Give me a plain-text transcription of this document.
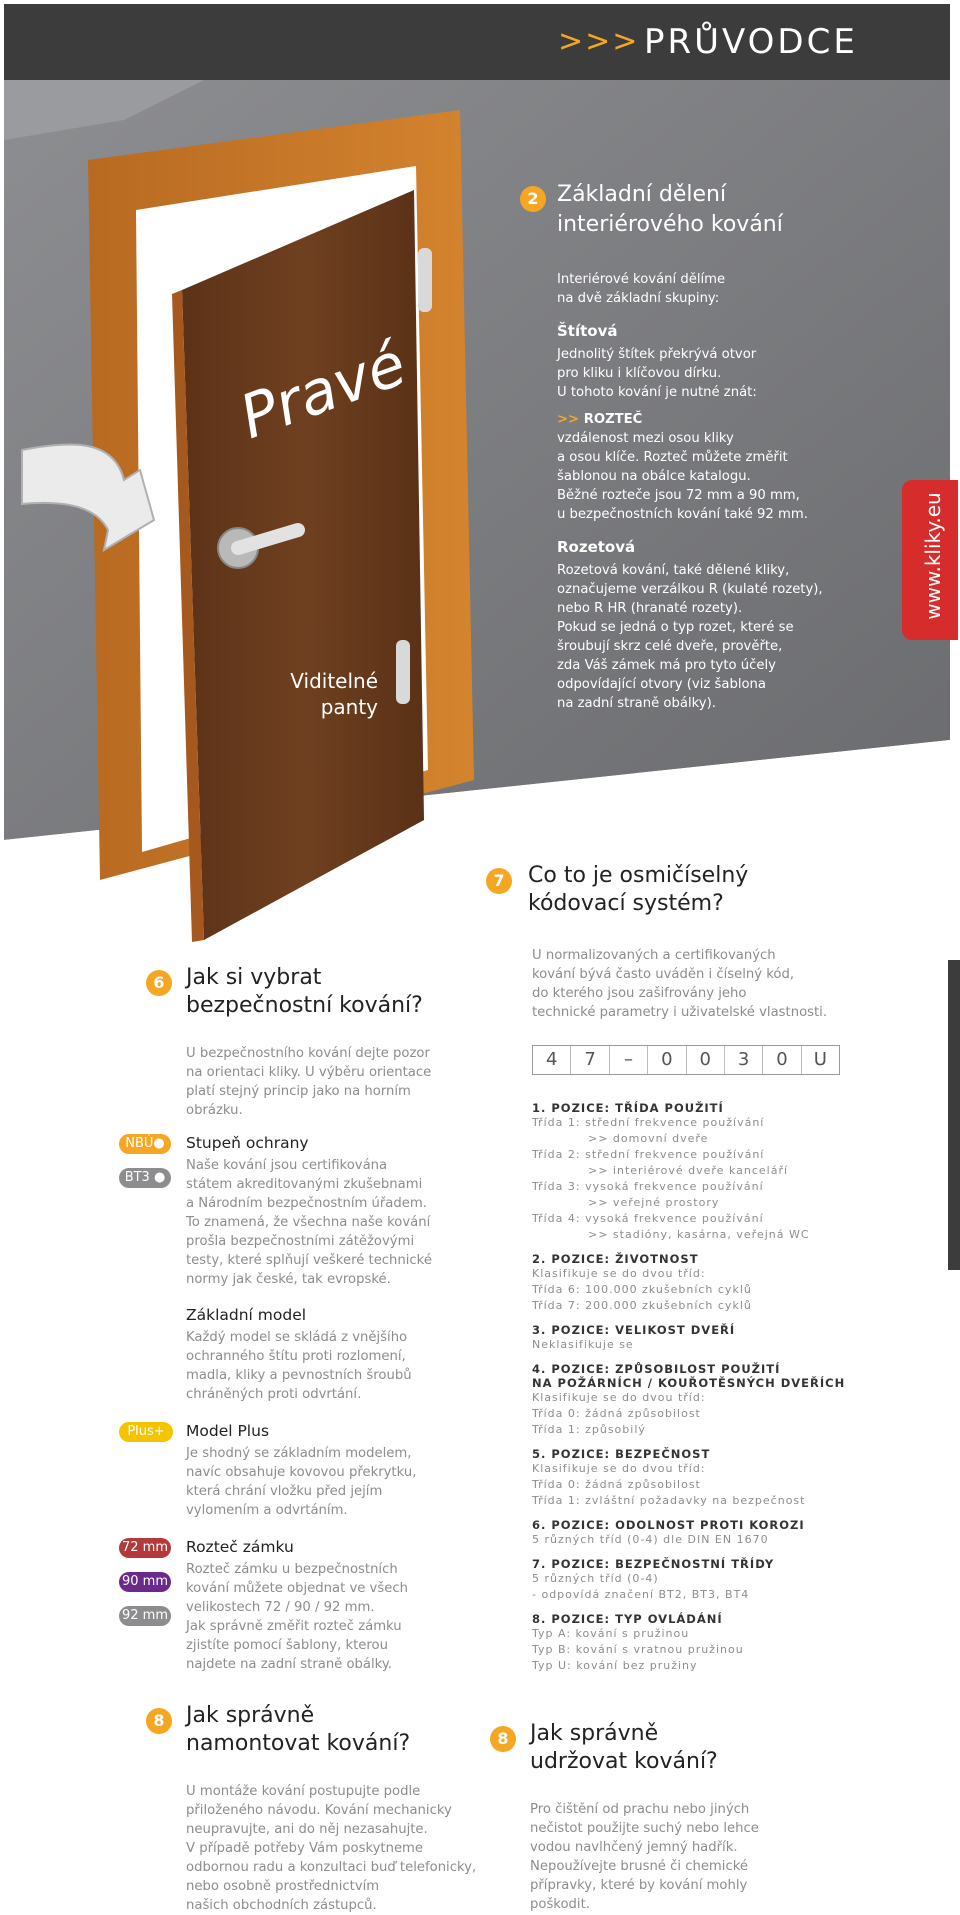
>>> PRŮVODCE
Pravé
Viditelné
panty
www.kliky.eu
2 Základní dělení
interiérového kování

Interiérové kování dělíme

na dvě základní skupiny:

Štítová

Jednolitý štítek překrývá otvor

pro kliku i klíčovou dírku.

U tohoto kování je nutné znát:

>> ROZTEČ

vzdálenost mezi osou kliky

a osou klíče. Rozteč můžete změřit

šablonou na obálce katalogu.

Běžné rozteče jsou 72 mm a 90 mm,

u bezpečnostních kování také 92 mm.

Rozetová

Rozetová kování, také dělené kliky,

označujeme verzálkou R (kulaté rozety),

nebo R HR (hranaté rozety).

Pokud se jedná o typ rozet, které se

šroubují skrz celé dveře, prověřte,

zda Váš zámek má pro tyto účely

odpovídající otvory (viz šablona

na zadní straně obálky).

7	Co to je osmičíselný
kódovací systém?
U normalizovaných a certifikovaných
kování bývá často uváděn i číselný kód,
do kterého jsou zašifrovány jeho
technické parametry i uživatelské vlastnosti.
4	7	–	0	0	3	0	U
1. POZICE: TŘÍDA POUŽITÍ
Třída 1: střední frekvence používání
>> domovní dveře
Třída 2: střední frekvence používání
>> interiérové dveře kanceláří
Třída 3: vysoká frekvence používání
>> veřejné prostory
Třída 4: vysoká frekvence používání
>> stadióny, kasárna, veřejná WC
2. POZICE: ŽIVOTNOST
Klasifikuje se do dvou tříd:
Třída 6: 100.000 zkušebních cyklů
Třída 7: 200.000 zkušebních cyklů
3. POZICE: VELIKOST DVEŘÍ
Neklasifikuje se
4. POZICE: ZPŮSOBILOST POUŽITÍ
NA POŽÁRNÍCH / KOUŘOTĚSNÝCH DVEŘÍCH
Klasifikuje se do dvou tříd:
Třída 0: žádná způsobilost
Třída 1: způsobilý
5. POZICE: BEZPEČNOST
Klasifikuje se do dvou tříd:
Třída 0: žádná způsobilost
Třída 1: zvláštní požadavky na bezpečnost
6. POZICE: ODOLNOST PROTI KOROZI
5 různých tříd (0-4) dle DIN EN 1670
7. POZICE: BEZPEČNOSTNÍ TŘÍDY
5 různých tříd (0-4)
- odpovídá značení BT2, BT3, BT4
8. POZICE: TYP OVLÁDÁNÍ
Typ A: kování s pružinou
Typ B: kování s vratnou pružinou
Typ U: kování bez pružiny
6 Jak si vybrat
bezpečnostní kování?
U bezpečnostního kování dejte pozor
na orientaci kliky. U výběru orientace
platí stejný princip jako na horním
obrázku.
NBÚ●
BT3 ●
Stupeň ochrany
Naše kování jsou certifikována
státem akreditovanými zkušebnami
a Národním bezpečnostním úřadem.
To znamená, že všechna naše kování
prošla bezpečnostními zátěžovými
testy, které splňují veškeré technické
normy jak české, tak evropské.
Základní model
Každý model se skládá z vnějšího
ochranného štítu proti rozlomení,
madla, kliky a pevnostních šroubů
chráněných proti odvrtání.
Plus+	Model Plus
Je shodný se základním modelem,
navíc obsahuje kovovou překrytku,
která chrání vložku před jejím
vylomením a odvrtáním.
72 mm
90 mm
92 mm
Rozteč zámku
Rozteč zámku u bezpečnostních
kování můžete objednat ve všech
velikostech 72 / 90 / 92 mm.
Jak správně změřit rozteč zámku
zjistíte pomocí šablony, kterou
najdete na zadní straně obálky.
8 Jak správně
namontovat kování?
U montáže kování postupujte podle
přiloženého návodu. Kování mechanicky
neupravujte, ani do něj nezasahujte.
V případě potřeby Vám poskytneme
odbornou radu a konzultaci buď telefonicky,
nebo osobně prostřednictvím
našich obchodních zástupců.
8 Jak správně
udržovat kování?
Pro čištění od prachu nebo jiných
nečistot použijte suchý nebo lehce
vodou navlhčený jemný hadřík.
Nepoužívejte brusné či chemické
přípravky, které by kování mohly
poškodit.
